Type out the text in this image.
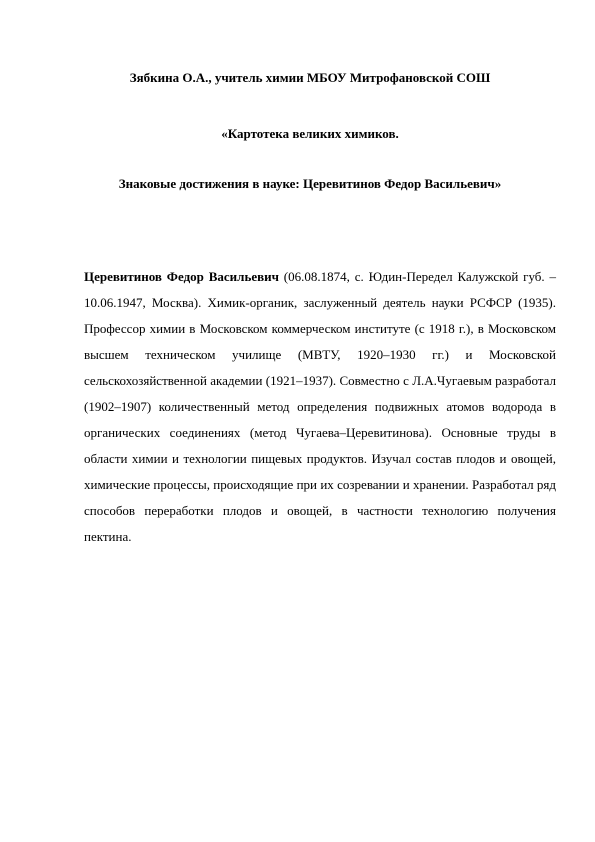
Зябкина О.А., учитель химии МБОУ Митрофановской СОШ
«Картотека великих химиков.
Знаковые достижения в науке: Церевитинов Федор Васильевич»

Церевитинов Федор Васильевич (06.08.1874, с. Юдин-Передел Калужской губ. – 10.06.1947, Москва). Химик-органик, заслуженный деятель науки РСФСР (1935). Профессор химии в Московском коммерческом институте (с 1918 г.), в Московском высшем техническом училище (МВТУ, 1920–1930 гг.) и Московской сельскохозяйственной академии (1921–1937). Совместно с Л.А.Чугаевым разработал (1902–1907) количественный метод определения подвижных атомов водорода в органических соединениях (метод Чугаева–Церевитинова). Основные труды в области химии и технологии пищевых продуктов. Изучал состав плодов и овощей, химические процессы, происходящие при их созревании и хранении. Разработал ряд способов переработки плодов и овощей, в частности технологию получения пектина.
